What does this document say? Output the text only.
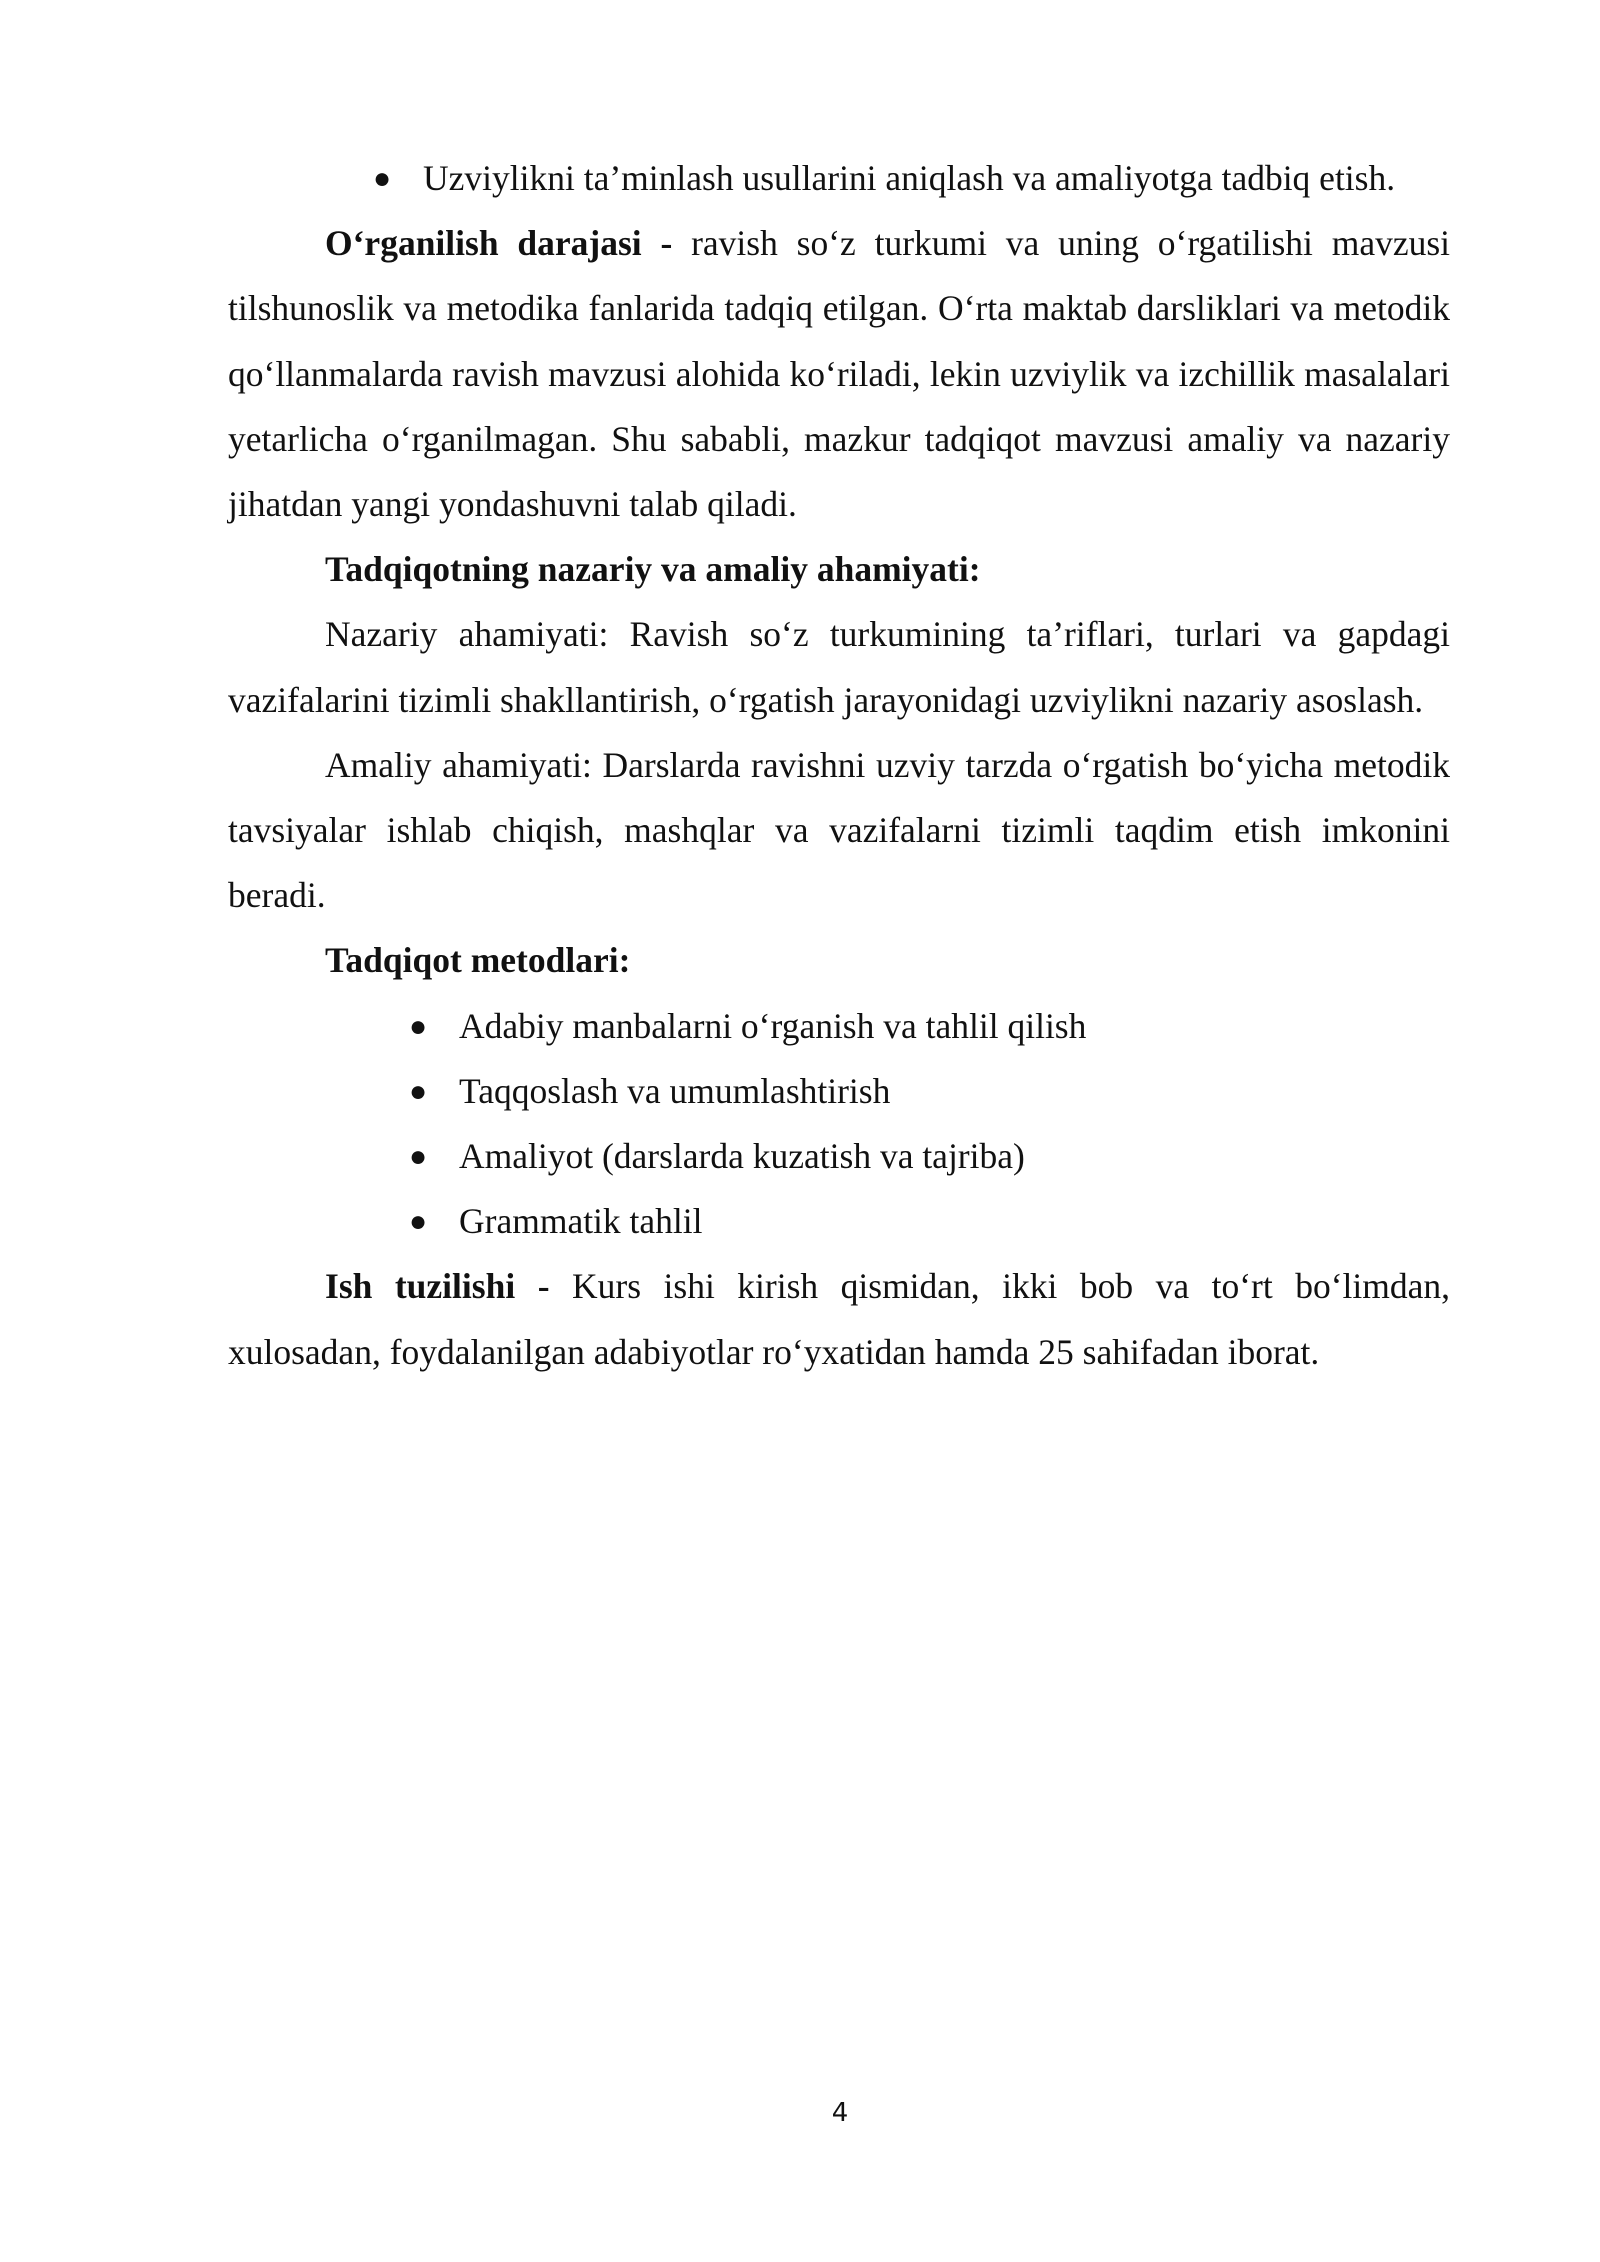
● Uzviylikni ta’minlash usullarini aniqlash va amaliyotga tadbiq etish.

O‘rganilish darajasi - ravish so‘z turkumi va uning o‘rgatilishi mavzusi tilshunoslik va metodika fanlarida tadqiq etilgan. O‘rta maktab darsliklari va metodik qo‘llanmalarda ravish mavzusi alohida ko‘riladi, lekin uzviylik va izchillik masalalari yetarlicha o‘rganilmagan. Shu sababli, mazkur tadqiqot mavzusi amaliy va nazariy jihatdan yangi yondashuvni talab qiladi.

Tadqiqotning nazariy va amaliy ahamiyati:

Nazariy ahamiyati: Ravish so‘z turkumining ta’riflari, turlari va gapdagi vazifalarini tizimli shakllantirish, o‘rgatish jarayonidagi uzviylikni nazariy asoslash.

Amaliy ahamiyati: Darslarda ravishni uzviy tarzda o‘rgatish bo‘yicha metodik tavsiyalar ishlab chiqish, mashqlar va vazifalarni tizimli taqdim etish imkonini beradi.

Tadqiqot metodlari:

● Adabiy manbalarni o‘rganish va tahlil qilish
● Taqqoslash va umumlashtirish
● Amaliyot (darslarda kuzatish va tajriba)
● Grammatik tahlil

Ish tuzilishi - Kurs ishi kirish qismidan, ikki bob va to‘rt bo‘limdan, xulosadan, foydalanilgan adabiyotlar ro‘yxatidan hamda 25 sahifadan iborat.

4
